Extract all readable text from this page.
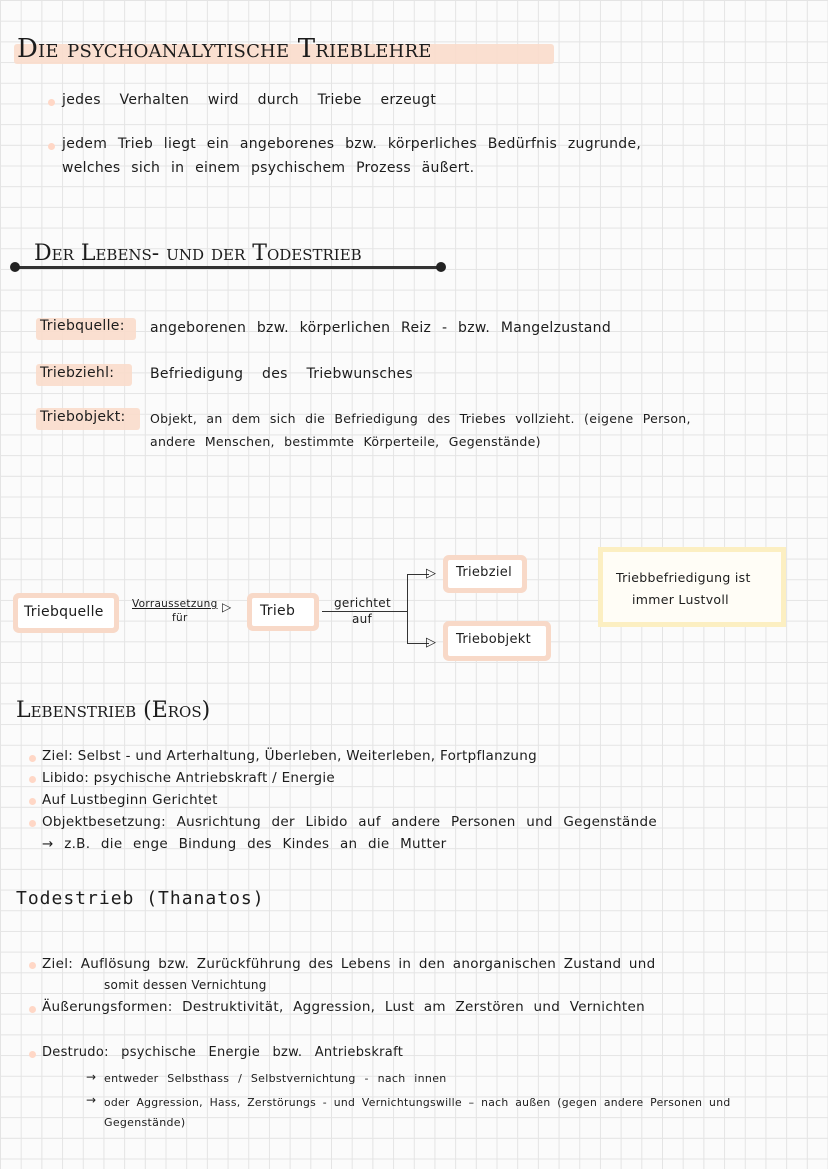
Die psychoanalytische Trieblehre
jedes Verhalten wird durch Triebe erzeugt
jedem Trieb liegt ein angeborenes bzw. körperliches Bedürfnis zugrunde,
welches sich in einem psychischem Prozess äußert.
Der Lebens- und der Todestrieb
Triebquelle: angeborenen bzw. körperlichen Reiz - bzw. Mangelzustand
Triebziehl:	Befriedigung des Triebwunsches
Triebobjekt: Objekt, an dem sich die Befriedigung des Triebes vollzieht. (eigene Person,
andere Menschen, bestimmte Körperteile, Gegenstände)
Triebquelle	Vorraussetzung
für
▷ Trieb	gerichtet
auf
▷
▷
Triebziel
Triebobjekt
Triebbefriedigung ist
immer Lustvoll
Lebenstrieb (Eros)
Ziel: Selbst - und Arterhaltung, Überleben, Weiterleben, Fortpflanzung
Libido: psychische Antriebskraft / Energie
Auf Lustbeginn Gerichtet
Objektbesetzung: Ausrichtung der Libido auf andere Personen und Gegenstände
→ z.B. die enge Bindung des Kindes an die Mutter
Todestrieb (Thanatos)
Ziel: Auflösung bzw. Zurückführung des Lebens in den anorganischen Zustand und
somit dessen Vernichtung
Äußerungsformen: Destruktivität, Aggression, Lust am Zerstören und Vernichten
Destrudo: psychische Energie bzw. Antriebskraft
→ entweder Selbsthass / Selbstvernichtung - nach innen
→ oder Aggression, Hass, Zerstörungs - und Vernichtungswille – nach außen (gegen andere Personen und
Gegenstände)
